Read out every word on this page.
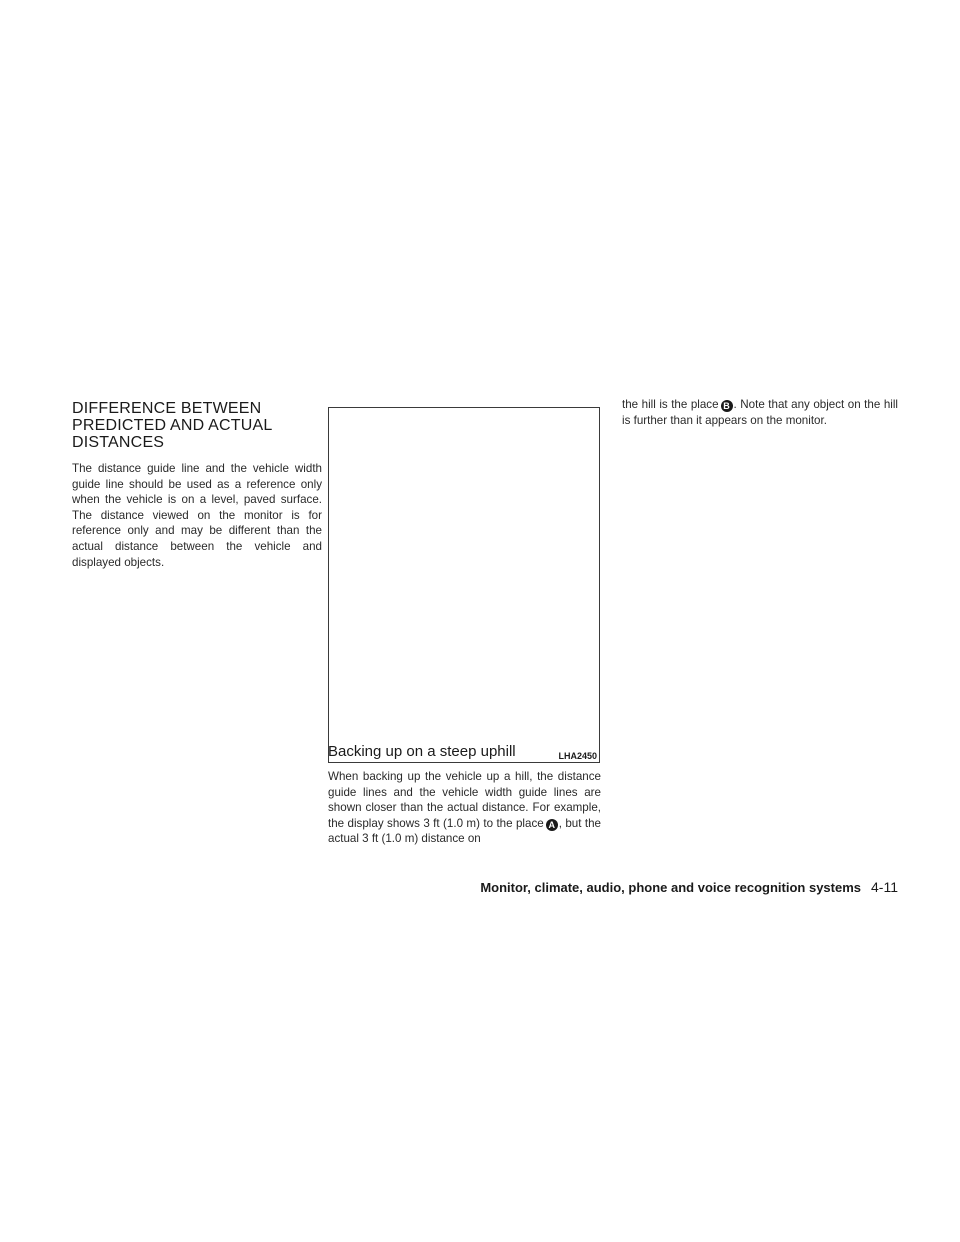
DIFFERENCE BETWEEN
PREDICTED AND ACTUAL
DISTANCES

The distance guide line and the vehicle width guide line should be used as a reference only when the vehicle is on a level, paved surface. The distance viewed on the monitor is for reference only and may be different than the actual distance between the vehicle and displayed objects.

LHA2450
Backing up on a steep uphill

When backing up the vehicle up a hill, the distance guide lines and the vehicle width guide lines are shown closer than the actual distance. For example, the display shows 3 ft (1.0 m) to the place A , but the actual 3 ft (1.0 m) distance on

the hill is the place B . Note that any object on the hill is further than it appears on the monitor.

Monitor, climate, audio, phone and voice recognition systems 4-11
